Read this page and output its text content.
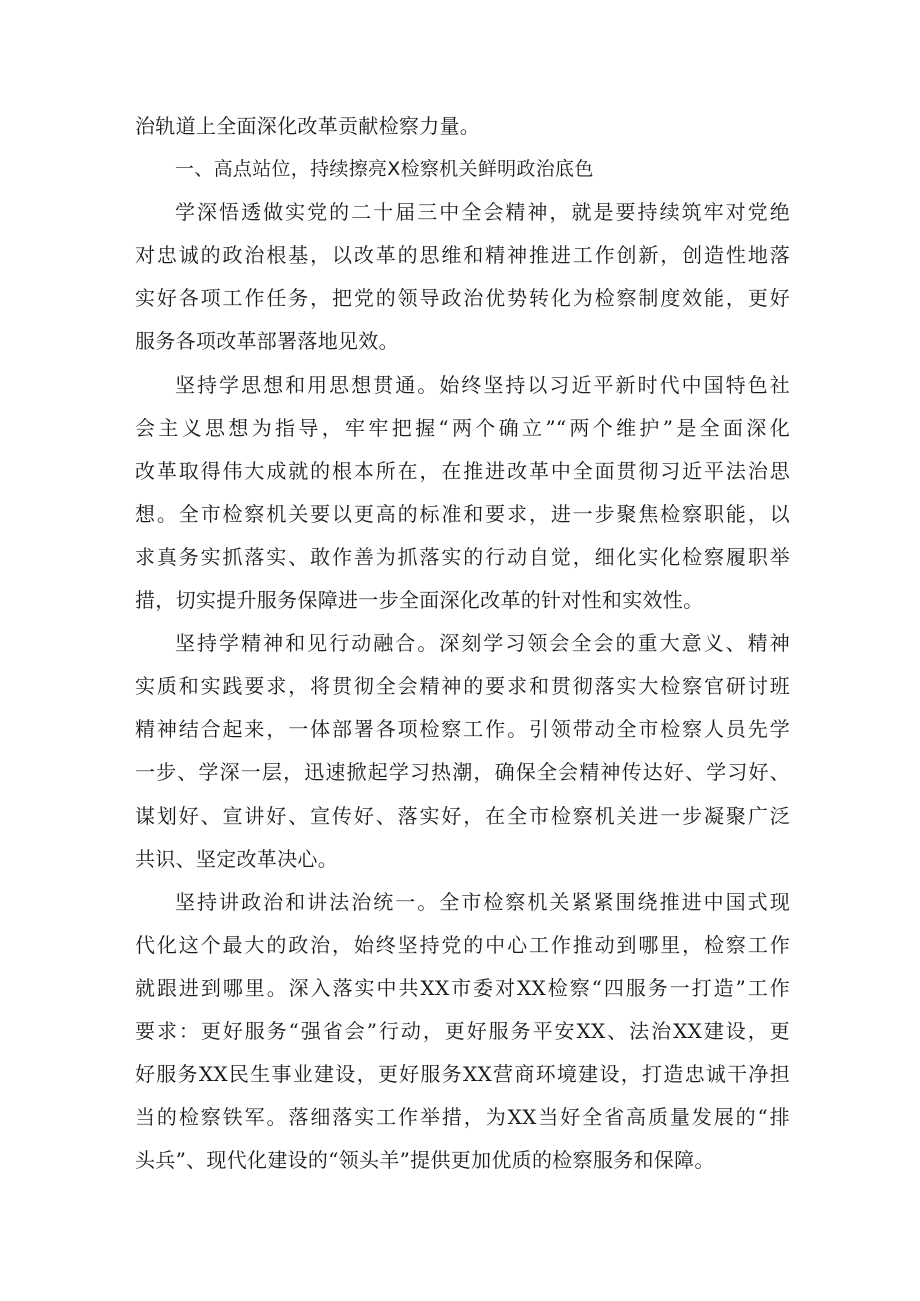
治轨道上全面深化改革贡献检察力量。
一、高点站位，持续擦亮X检察机关鲜明政治底色
学深悟透做实党的二十届三中全会精神，就是要持续筑牢对党绝
对忠诚的政治根基，以改革的思维和精神推进工作创新，创造性地落
实好各项工作任务，把党的领导政治优势转化为检察制度效能，更好
服务各项改革部署落地见效。
坚持学思想和用思想贯通。始终坚持以习近平新时代中国特色社
会主义思想为指导，牢牢把握“两个确立”“两个维护”是全面深化
改革取得伟大成就的根本所在，在推进改革中全面贯彻习近平法治思
想。全市检察机关要以更高的标准和要求，进一步聚焦检察职能，以
求真务实抓落实、敢作善为抓落实的行动自觉，细化实化检察履职举
措，切实提升服务保障进一步全面深化改革的针对性和实效性。
坚持学精神和见行动融合。深刻学习领会全会的重大意义、精神
实质和实践要求，将贯彻全会精神的要求和贯彻落实大检察官研讨班
精神结合起来，一体部署各项检察工作。引领带动全市检察人员先学
一步、学深一层，迅速掀起学习热潮，确保全会精神传达好、学习好、
谋划好、宣讲好、宣传好、落实好，在全市检察机关进一步凝聚广泛
共识、坚定改革决心。
坚持讲政治和讲法治统一。全市检察机关紧紧围绕推进中国式现
代化这个最大的政治，始终坚持党的中心工作推动到哪里，检察工作
就跟进到哪里。深入落实中共XX市委对XX检察“四服务一打造”工作
要求：更好服务“强省会”行动，更好服务平安XX、法治XX建设，更
好服务XX民生事业建设，更好服务XX营商环境建设，打造忠诚干净担
当的检察铁军。落细落实工作举措，为XX当好全省高质量发展的“排
头兵”、现代化建设的“领头羊”提供更加优质的检察服务和保障。
